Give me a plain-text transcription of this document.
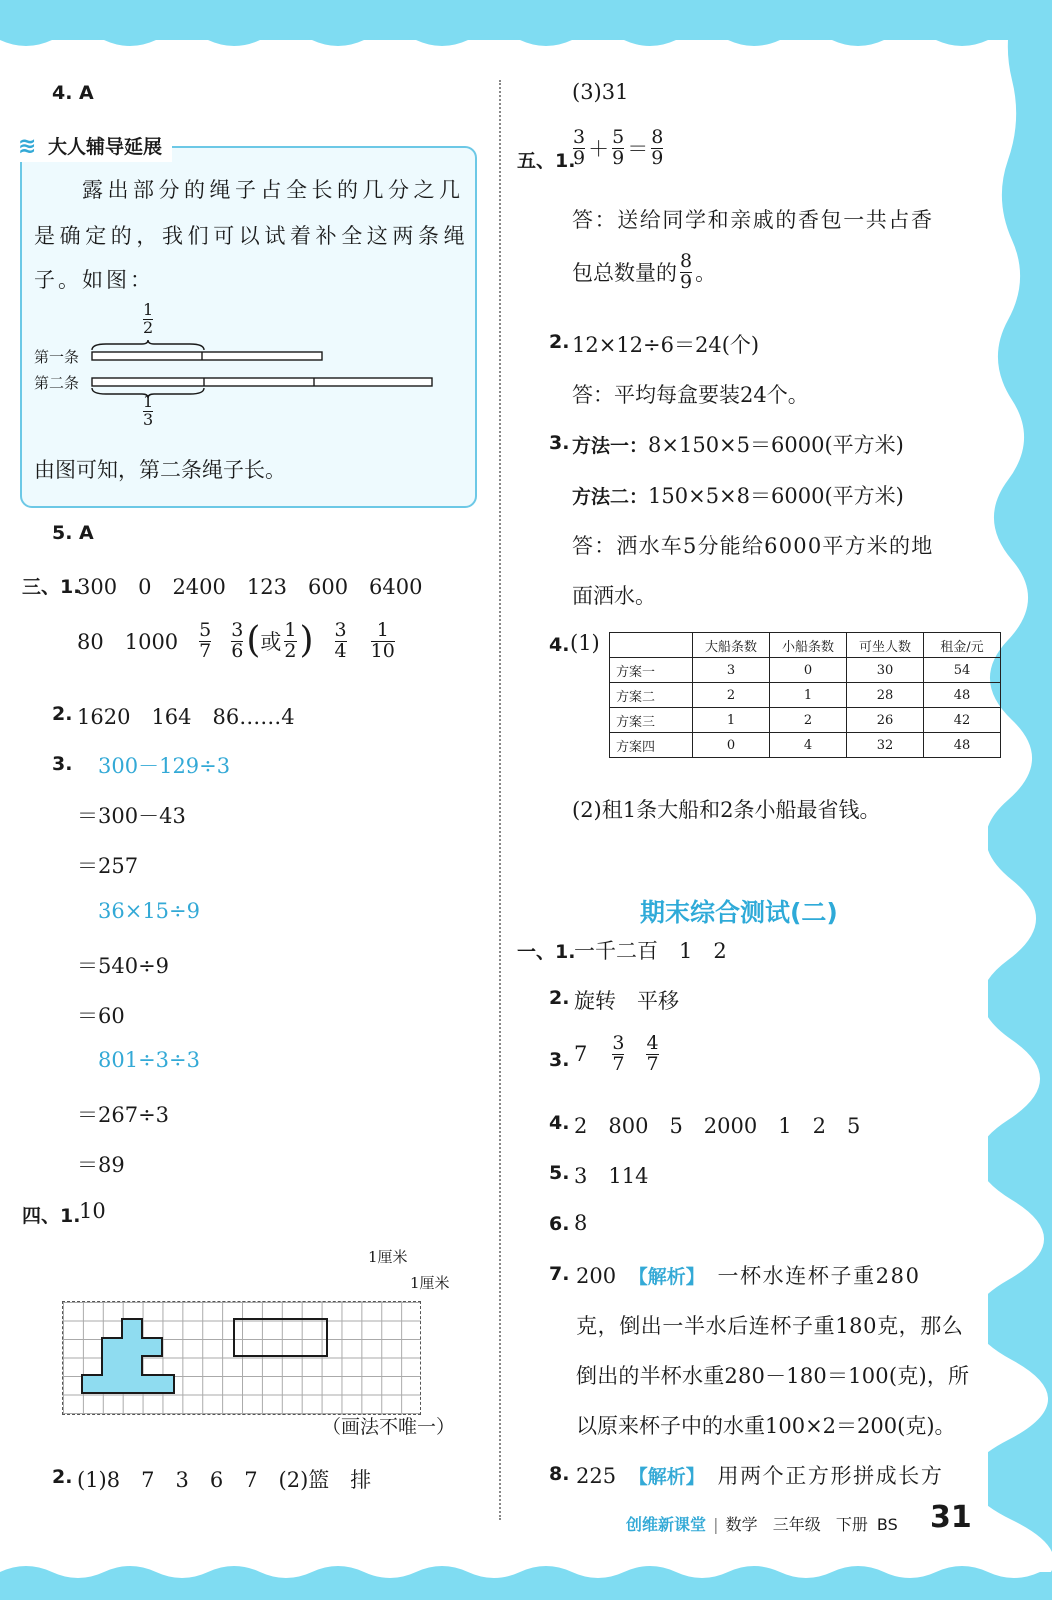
4. A
≋ 大人辅导延展
露出部分的绳子占全长的几分之几
是确定的，我们可以试着补全这两条绳
子。如图：
1
2
第一条
第二条
1
3
由图可知，第二条绳子长。
5. A
三、1.
300　0　2400　123　600　6400
80　$1000 \frac{5}{7} \frac{3}{6}$ ( 或 $\frac{1}{2}$ ) $\frac{3}{4} \frac{1}{10}$
2. 1620　164　86……4
3. 300－129÷3
＝300－43
＝257
36×15÷9
＝540÷9
＝60
801÷3÷3
＝267÷3
＝89
四、1.
10
1厘米
1厘米
（画法不唯一）
2. (1)8　7　3　6　7　(2)篮　排
(3)31
五、1.
$\frac{3}{9} + \frac{5}{9} = \frac{8}{9}$
答：送给同学和亲戚的香包一共占香
包总数量的 $\frac{8}{9}$ 。
2. 12×12÷6＝24(个)
答：平均每盒要装24个。
3. 方法一：8×150×5＝6000(平方米)
方法二：150×5×8＝6000(平方米)
答：洒水车5分能给6000平方米的地
面洒水。
4. (1)
		大船条数	小船条数	可坐人数	租金/元
方案一	3	0	30	54
方案二	2	1	28	48
方案三	1	2	26	42
方案四	0	4	32	48
(2)租1条大船和2条小船最省钱。
期末综合测试(二)
一、1.
一千二百　1　2
2. 旋转　平移
3. $7 \frac{3}{7} \frac{4}{7}$
4. 2　800　5　2000　1　2　5
5. 3　114
6. 8
7. 200 【解析】 一杯水连杯子重280
克，倒出一半水后连杯子重180克，那么
倒出的半杯水重280－180＝100(克)，所
以原来杯子中的水重100×2＝200(克)。
8. 225 【解析】 用两个正方形拼成长方
创维新课堂 | 数学 三年级 下册 BS 31
